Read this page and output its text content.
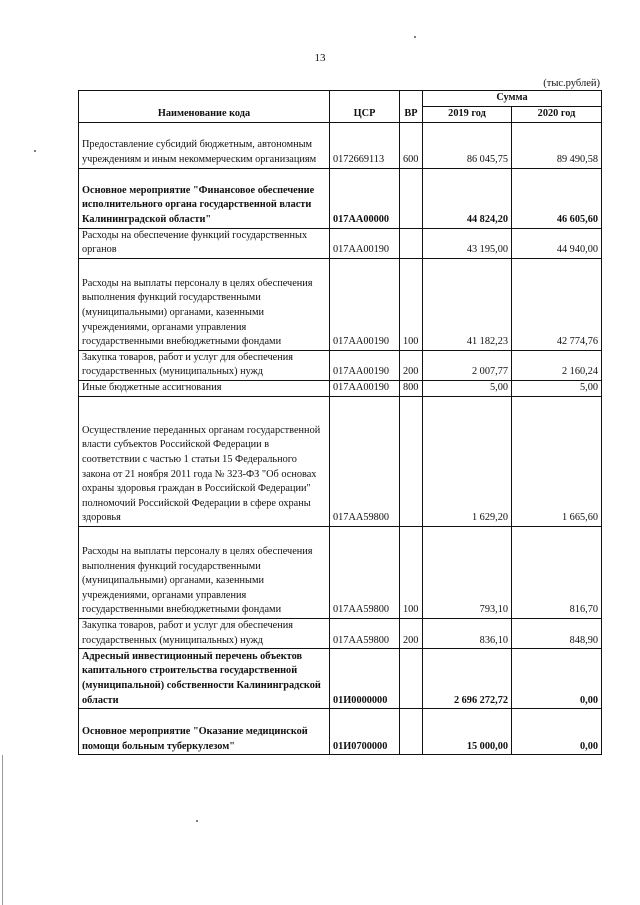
13
(тыс.рублей)
Наименование кода	ЦСР	ВР	Сумма	
			2019 год	2020 год
Предоставление субсидий бюджетным, автономным учреждениям и иным некоммерческим организациям	0172669113	600	86 045,75	89 490,58
Основное мероприятие "Финансовое обеспечение исполнительного органа государственной власти Калининградской области"	017АА00000		44 824,20	46 605,60
Расходы на обеспечение функций государственных органов	017АА00190		43 195,00	44 940,00
Расходы на выплаты персоналу в целях обеспечения выполнения функций государственными (муниципальными) органами, казенными учреждениями, органами управления государственными внебюджетными фондами	017АА00190	100	41 182,23	42 774,76
Закупка товаров, работ и услуг для обеспечения государственных (муниципальных) нужд	017АА00190	200	2 007,77	2 160,24
Иные бюджетные ассигнования	017АА00190	800	5,00	5,00
Осуществление переданных органам государственной власти субъектов Российской Федерации в соответствии с частью 1 статьи 15 Федерального закона от 21 ноября 2011 года № 323-ФЗ "Об основах охраны здоровья граждан в Российской Федерации" полномочий Российской Федерации в сфере охраны здоровья	017АА59800		1 629,20	1 665,60
Расходы на выплаты персоналу в целях обеспечения выполнения функций государственными (муниципальными) органами, казенными учреждениями, органами управления государственными внебюджетными фондами	017АА59800	100	793,10	816,70
Закупка товаров, работ и услуг для обеспечения государственных (муниципальных) нужд	017АА59800	200	836,10	848,90
Адресный инвестиционный перечень объектов капитального строительства государственной (муниципальной) собственности Калининградской области	01И0000000		2 696 272,72	0,00
Основное мероприятие "Оказание медицинской помощи больным туберкулезом"	01И0700000		15 000,00	0,00
